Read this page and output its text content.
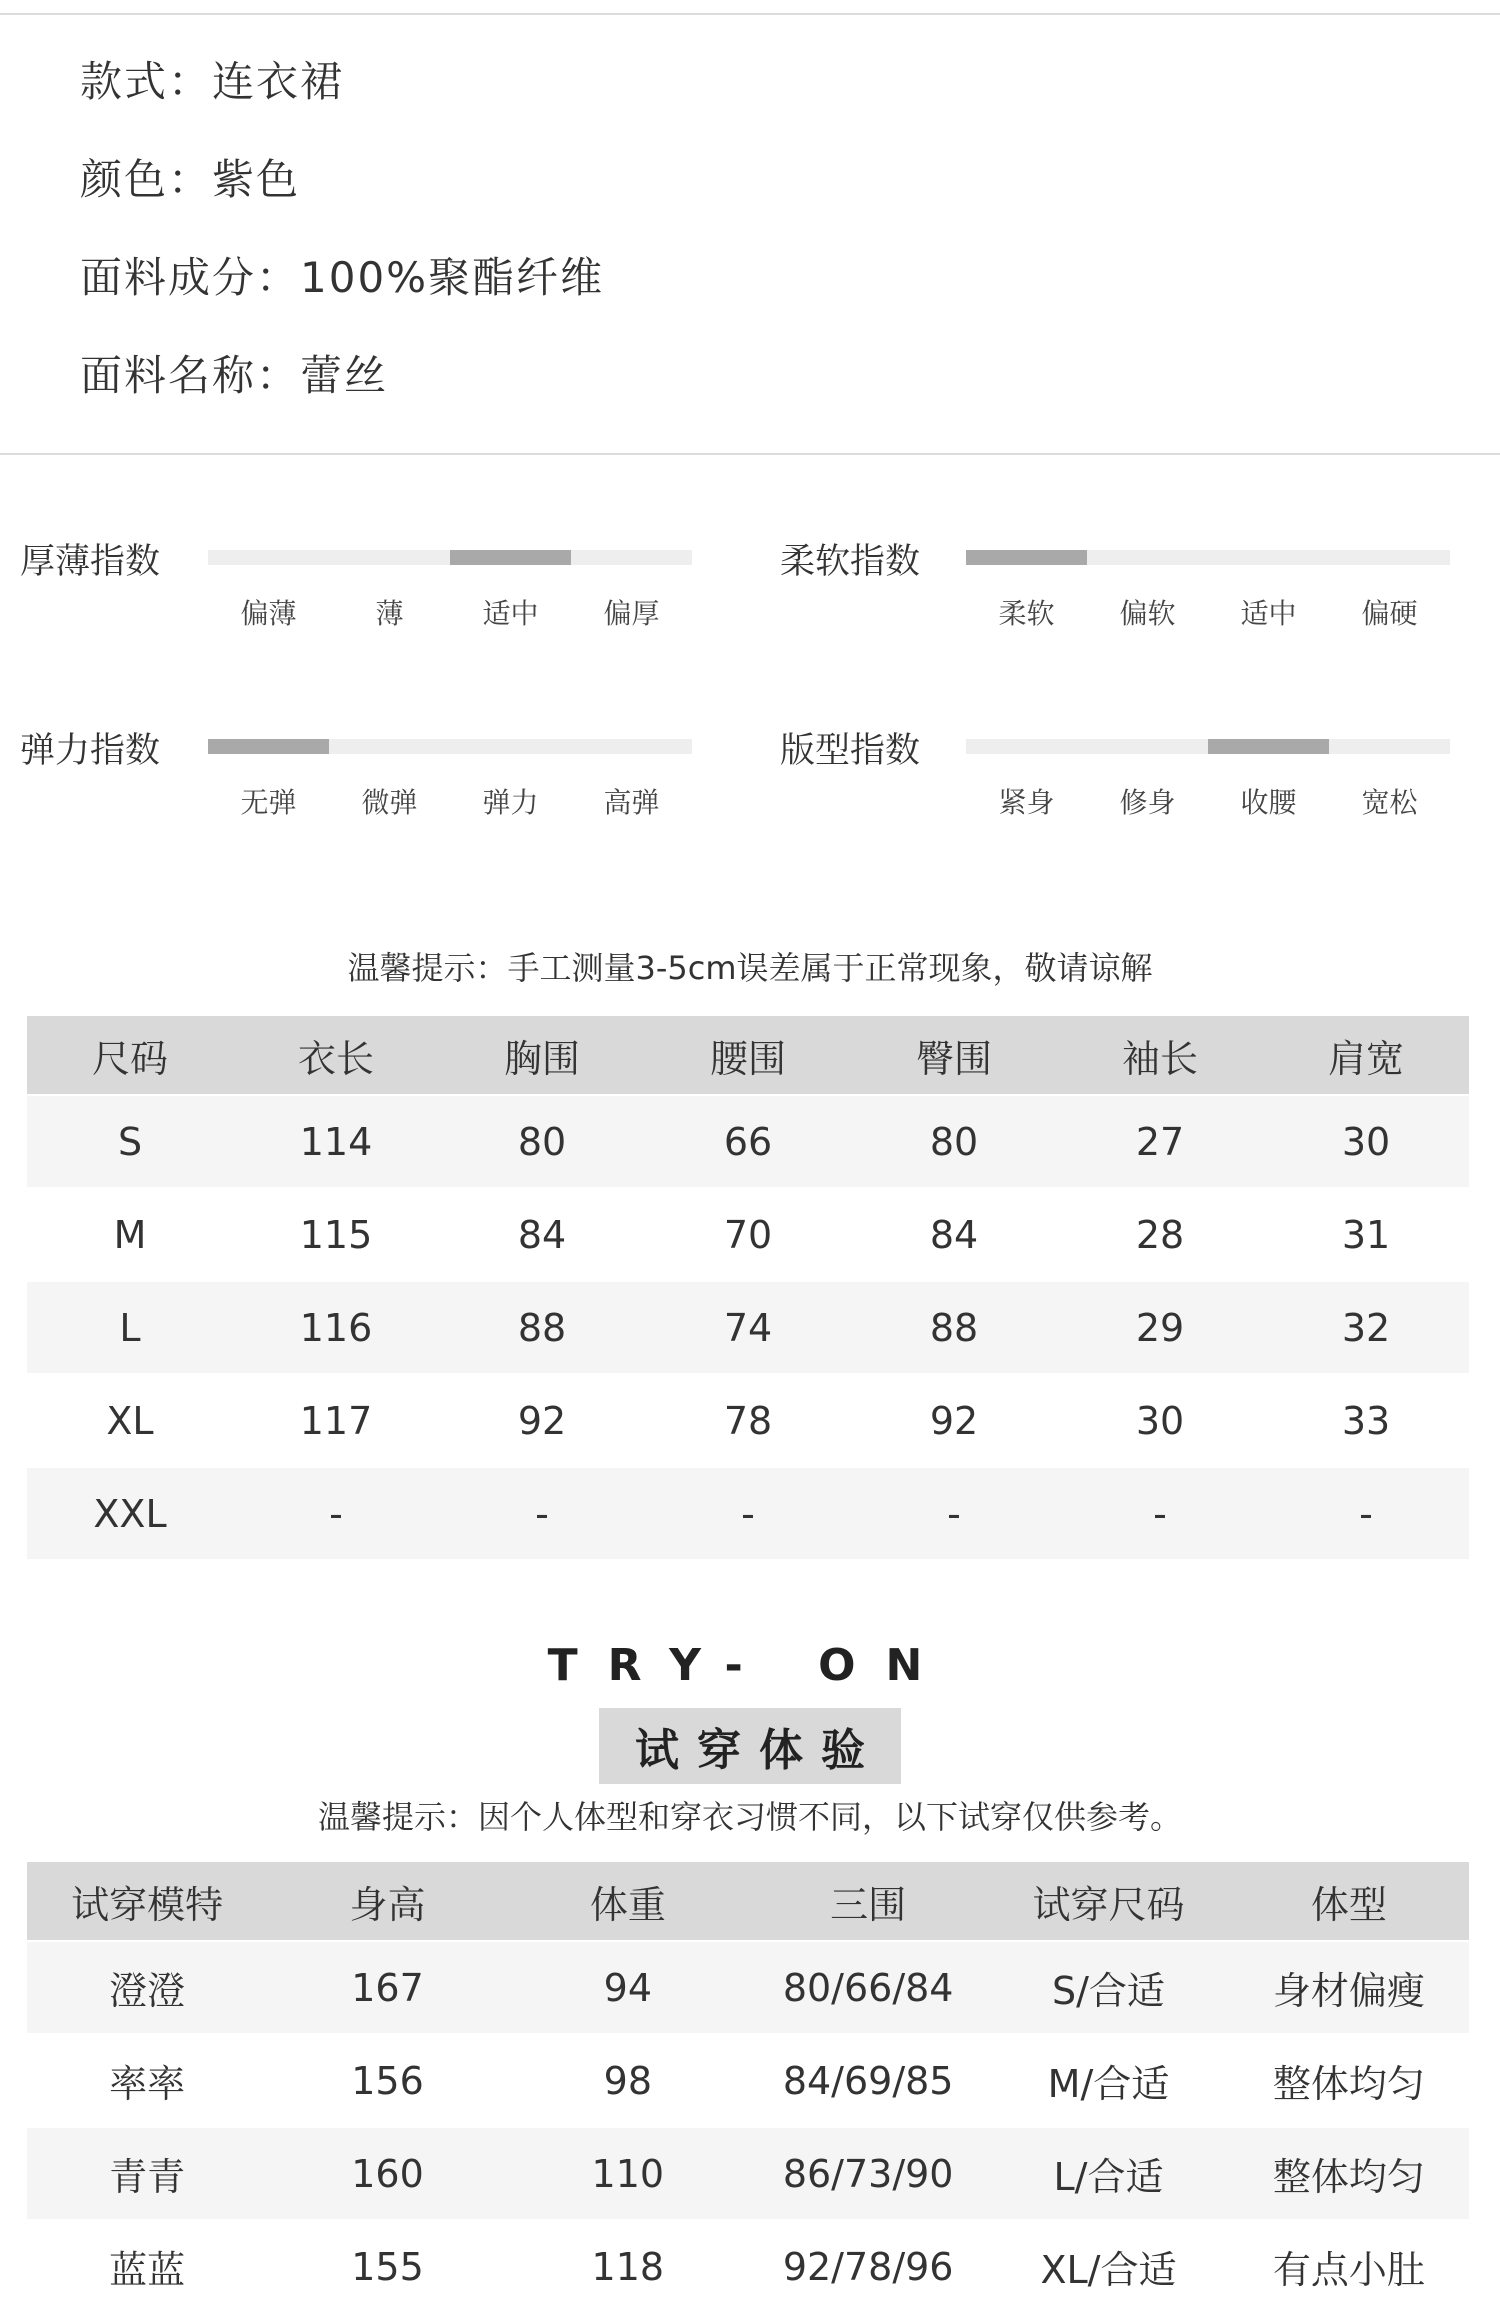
款式： 连衣裙
颜色： 紫色
面料成分： 100%聚酯纤维
面料名称： 蕾丝
厚薄指数
偏薄	薄	适中	偏厚
柔软指数
柔软	偏软	适中	偏硬
弹力指数
无弹	微弹	弹力	高弹
版型指数
紧身	修身	收腰	宽松
温馨提示：手工测量3-5cm误差属于正常现象，敬请谅解
尺码	衣长	胸围	腰围	臀围	袖长	肩宽
S	114	80	66	80	27	30
M	115	84	70	84	28	31
L	116	88	74	88	29	32
XL	117	92	78	92	30	33
XXL	-	-	-	-	-	-
TRY- ON
试穿体验
温馨提示：因个人体型和穿衣习惯不同，以下试穿仅供参考。
试穿模特	身高	体重	三围	试穿尺码	体型
澄澄	167	94	80/66/84	S/合适	身材偏瘦
率率	156	98	84/69/85	M/合适	整体均匀
青青	160	110	86/73/90	L/合适	整体均匀
蓝蓝	155	118	92/78/96	XL/合适	有点小肚
